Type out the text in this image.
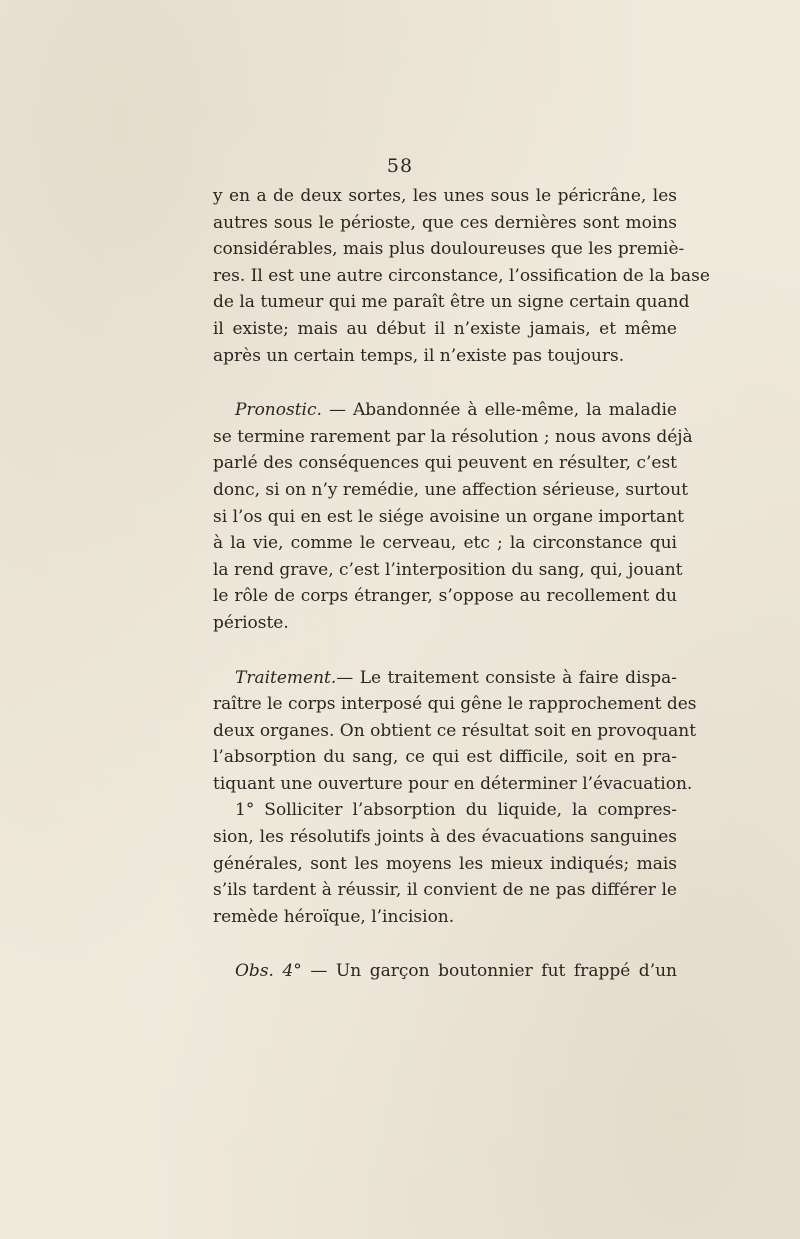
58
y en a de deux sortes, les unes sous le péricrâne, les
autres sous le périoste, que ces dernières sont moins
considérables, mais plus douloureuses que les premiè-
res. Il est une autre circonstance, l’ossification de la base
de la tumeur qui me paraît être un signe certain quand
il existe; mais au début il n’existe jamais, et même
après un certain temps, il n’existe pas toujours.
Pronostic. — Abandonnée à elle-même, la maladie
se termine rarement par la résolution ; nous avons déjà
parlé des conséquences qui peuvent en résulter, c’est
donc, si on n’y remédie, une affection sérieuse, surtout
si l’os qui en est le siége avoisine un organe important
à la vie, comme le cerveau, etc ; la circonstance qui
la rend grave, c’est l’interposition du sang, qui, jouant
le rôle de corps étranger, s’oppose au recollement du
périoste.
Traitement.— Le traitement consiste à faire dispa-
raître le corps interposé qui gêne le rapprochement des
deux organes. On obtient ce résultat soit en provoquant
l’absorption du sang, ce qui est difficile, soit en pra-
tiquant une ouverture pour en déterminer l’évacuation.
1° Solliciter l’absorption du liquide, la compres-
sion, les résolutifs joints à des évacuations sanguines
générales, sont les moyens les mieux indiqués; mais
s’ils tardent à réussir, il convient de ne pas différer le
remède héroïque, l’incision.
Obs. 4° — Un garçon boutonnier fut frappé d’un
